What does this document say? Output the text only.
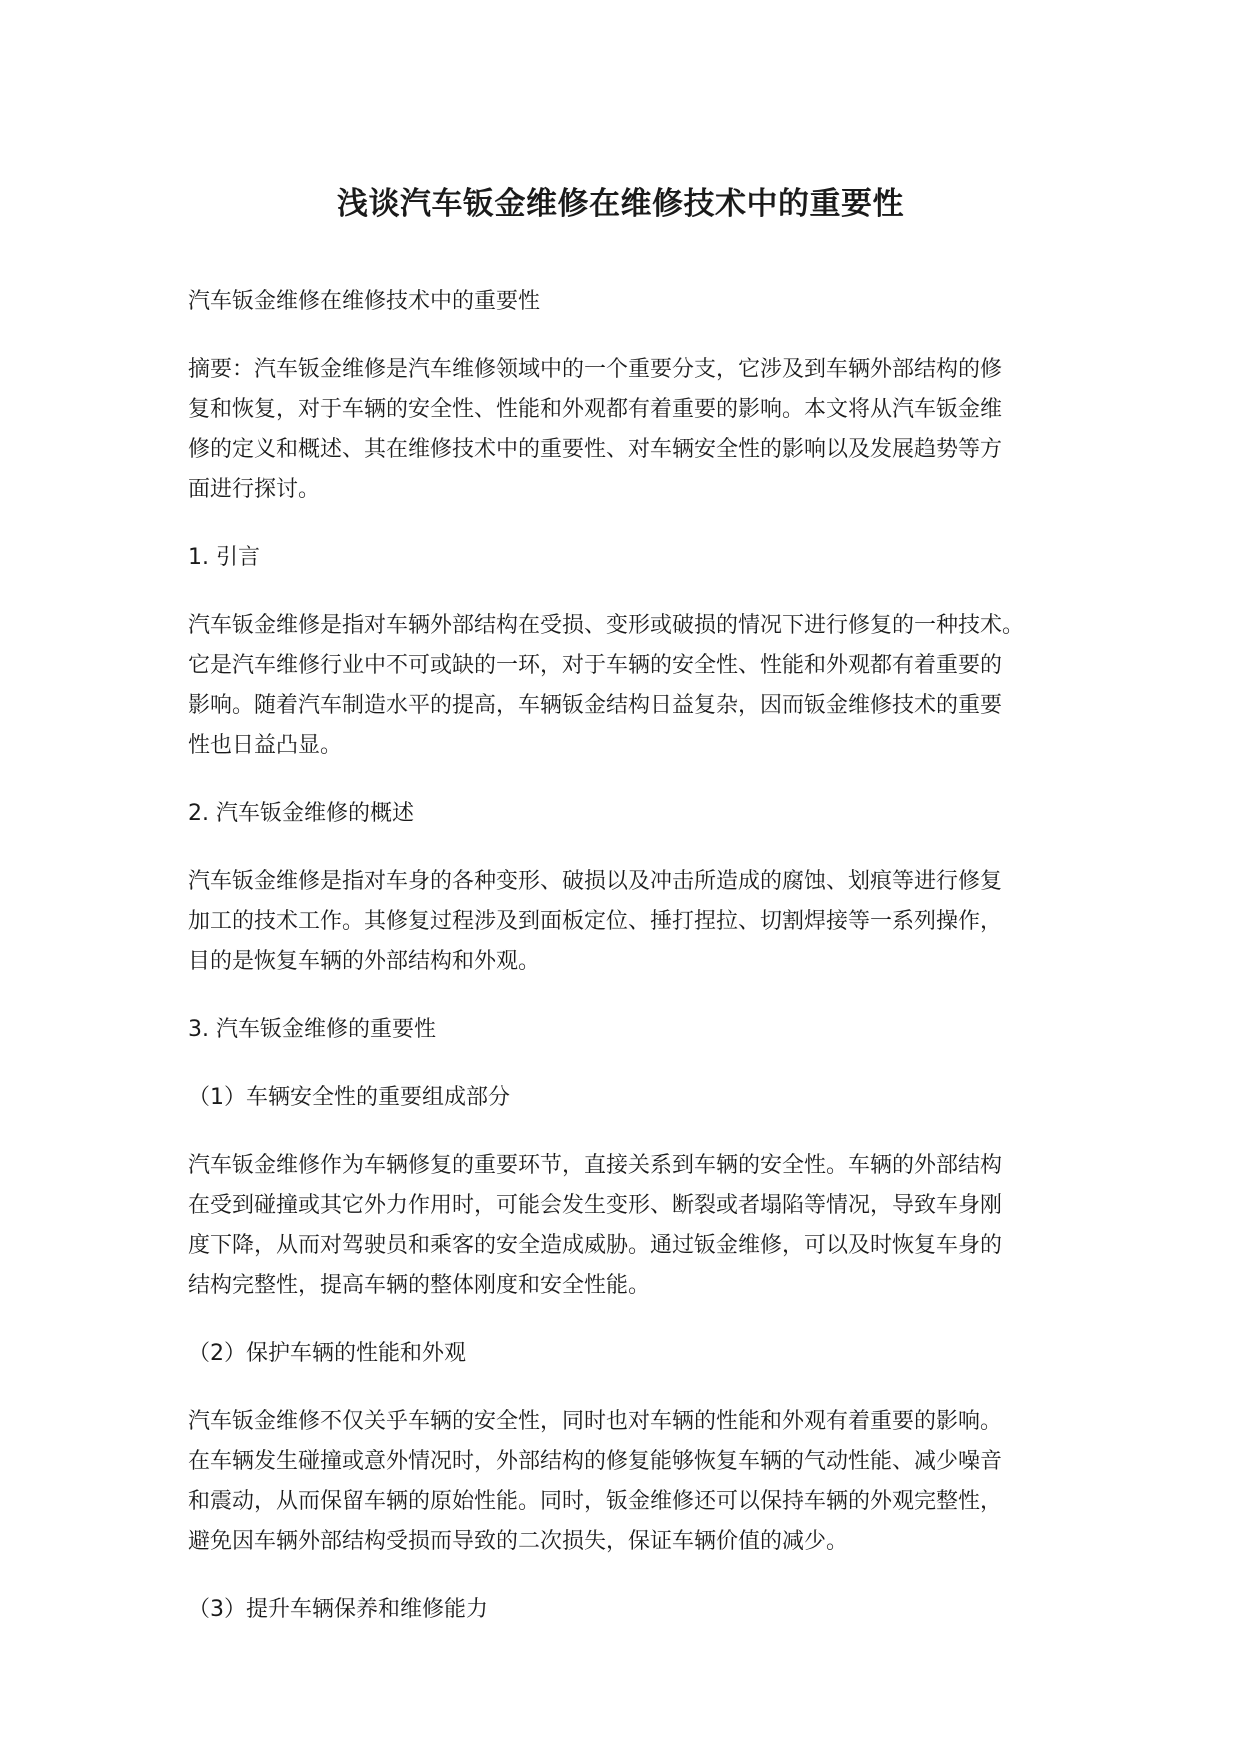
浅谈汽车钣金维修在维修技术中的重要性

汽车钣金维修在维修技术中的重要性

摘要：汽车钣金维修是汽车维修领域中的一个重要分支，它涉及到车辆外部结构的修
复和恢复，对于车辆的安全性、性能和外观都有着重要的影响。本文将从汽车钣金维
修的定义和概述、其在维修技术中的重要性、对车辆安全性的影响以及发展趋势等方
面进行探讨。

1. 引言

汽车钣金维修是指对车辆外部结构在受损、变形或破损的情况下进行修复的一种技术。
它是汽车维修行业中不可或缺的一环，对于车辆的安全性、性能和外观都有着重要的
影响。随着汽车制造水平的提高，车辆钣金结构日益复杂，因而钣金维修技术的重要
性也日益凸显。

2. 汽车钣金维修的概述

汽车钣金维修是指对车身的各种变形、破损以及冲击所造成的腐蚀、划痕等进行修复
加工的技术工作。其修复过程涉及到面板定位、捶打捏拉、切割焊接等一系列操作，
目的是恢复车辆的外部结构和外观。

3. 汽车钣金维修的重要性

（1）车辆安全性的重要组成部分

汽车钣金维修作为车辆修复的重要环节，直接关系到车辆的安全性。车辆的外部结构
在受到碰撞或其它外力作用时，可能会发生变形、断裂或者塌陷等情况，导致车身刚
度下降，从而对驾驶员和乘客的安全造成威胁。通过钣金维修，可以及时恢复车身的
结构完整性，提高车辆的整体刚度和安全性能。

（2）保护车辆的性能和外观

汽车钣金维修不仅关乎车辆的安全性，同时也对车辆的性能和外观有着重要的影响。
在车辆发生碰撞或意外情况时，外部结构的修复能够恢复车辆的气动性能、减少噪音
和震动，从而保留车辆的原始性能。同时，钣金维修还可以保持车辆的外观完整性，
避免因车辆外部结构受损而导致的二次损失，保证车辆价值的减少。

（3）提升车辆保养和维修能力
